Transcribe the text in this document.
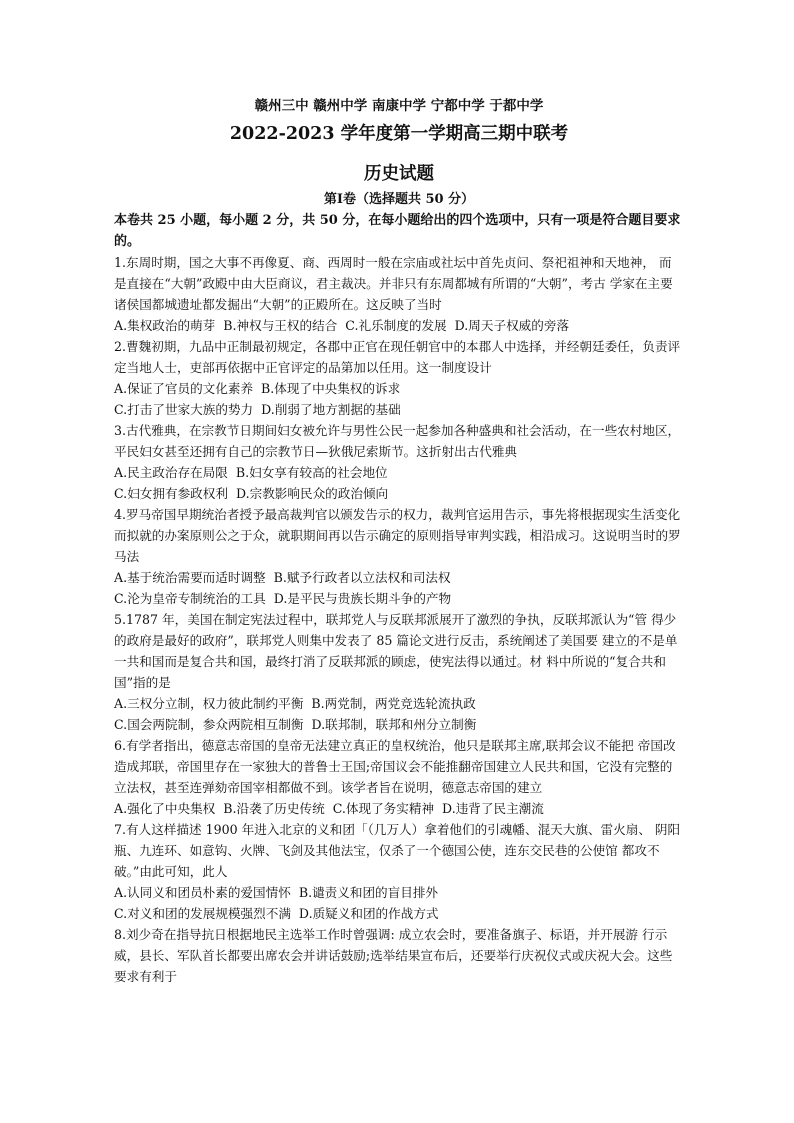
赣州三中 赣州中学 南康中学 宁都中学 于都中学
2022-2023 学年度第一学期高三期中联考
历史试题
第Ⅰ卷（选择题共 50 分）
本卷共 25 小题，每小题 2 分，共 50 分，在每小题给出的四个选项中，只有一项是符合题目要求的。
1.东周时期，国之大事不再像夏、商、西周时一般在宗庙或社坛中首先贞问、祭祀祖神和天地神， 而是直接在“大朝”政殿中由大臣商议，君主裁决。并非只有东周都城有所谓的“大朝”，考古 学家在主要诸侯国都城遗址都发掘出“大朝”的正殿所在。这反映了当时
A.集权政治的萌芽 B.神权与王权的结合 C.礼乐制度的发展 D.周天子权威的旁落
2.曹魏初期，九品中正制最初规定，各郡中正官在现任朝官中的本郡人中选择，并经朝廷委任，负责评定当地人士，吏部再依据中正官评定的品第加以任用。这一制度设计
A.保证了官员的文化素养 B.体现了中央集权的诉求
C.打击了世家大族的势力 D.削弱了地方割据的基础
3.古代雅典，在宗教节日期间妇女被允许与男性公民一起参加各种盛典和社会活动，在一些农村地区，平民妇女甚至还拥有自己的宗教节日—狄俄尼索斯节。这折射出古代雅典
A.民主政治存在局限 B.妇女享有较高的社会地位
C.妇女拥有参政权利 D.宗教影响民众的政治倾向
4.罗马帝国早期统治者授予最高裁判官以颁发告示的权力，裁判官运用告示，事先将根据现实生活变化而拟就的办案原则公之于众，就职期间再以告示确定的原则指导审判实践，相沿成习。这说明当时的罗马法
A.基于统治需要而适时调整 B.赋予行政者以立法权和司法权
C.沦为皇帝专制统治的工具 D.是平民与贵族长期斗争的产物
5.1787 年，美国在制定宪法过程中，联邦党人与反联邦派展开了激烈的争执，反联邦派认为“管 得少的政府是最好的政府”，联邦党人则集中发表了 85 篇论文进行反击，系统阐述了美国要 建立的不是单一共和国而是复合共和国，最终打消了反联邦派的顾虑，使宪法得以通过。材 料中所说的“复合共和国”指的是
A.三权分立制，权力彼此制约平衡 B.两党制，两党竞选轮流执政
C.国会两院制，参众两院相互制衡 D.联邦制，联邦和州分立制衡
6.有学者指出，德意志帝国的皇帝无法建立真正的皇权统治，他只是联邦主席,联邦会议不能把 帝国改造成邦联，帝国里存在一家独大的普鲁士王国;帝国议会不能推翻帝国建立人民共和国，它没有完整的立法权，甚至连弹劾帝国宰相都做不到。该学者旨在说明，德意志帝国的建立
A.强化了中央集权 B.沿袭了历史传统 C.体现了务实精神 D.违背了民主潮流
7.有人这样描述 1900 年进入北京的义和团「（几万人）拿着他们的引魂幡、混天大旗、雷火扇、 阴阳瓶、九连环、如意钩、火牌、飞剑及其他法宝，仅杀了一个德国公使，连东交民巷的公使馆 都攻不破。”由此可知，此人
A.认同义和团员朴素的爱国情怀 B.谴责义和团的盲目排外
C.对义和团的发展规模强烈不满 D.质疑义和团的作战方式
8.刘少奇在指导抗日根据地民主选举工作时曾强调: 成立农会时，要准备旗子、标语，并开展游 行示威，县长、军队首长都要出席农会并讲话鼓励;选举结果宣布后，还要举行庆祝仪式或庆祝大会。这些要求有利于
